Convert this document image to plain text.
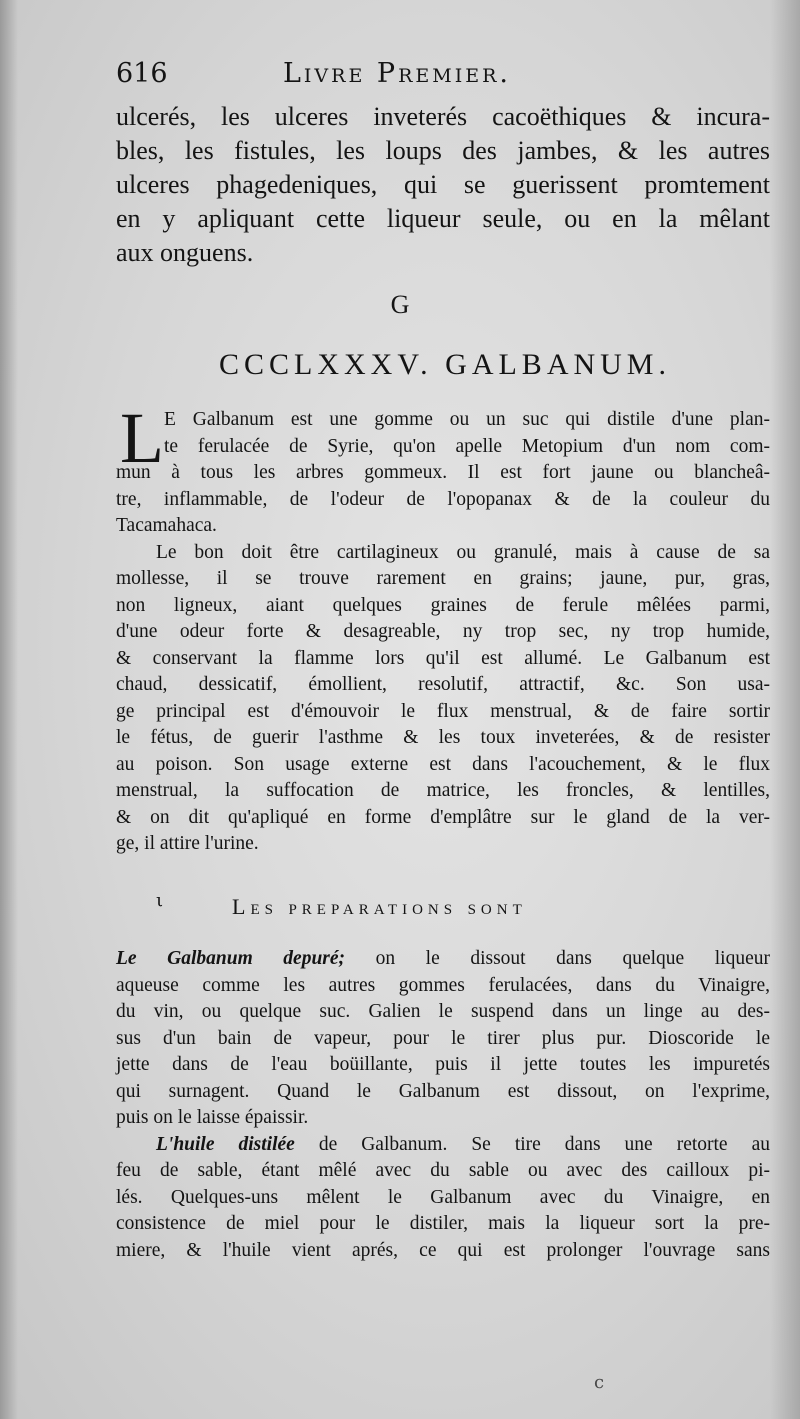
616	Livre Premier.
ulcerés, les ulceres inveterés cacoëthiques & incura-
bles, les fistules, les loups des jambes, & les autres
ulceres phagedeniques, qui se guerissent promtement
en y apliquant cette liqueur seule, ou en la mêlant
aux onguens.
G
CCCLXXXV. GALBANUM.
L E Galbanum est une gomme ou un suc qui distile d'une plan-
te ferulacée de Syrie, qu'on apelle Metopium d'un nom com-
mun à tous les arbres gommeux. Il est fort jaune ou blancheâ-
tre, inflammable, de l'odeur de l'opopanax & de la couleur du
Tacamahaca.
Le bon doit être cartilagineux ou granulé, mais à cause de sa
mollesse, il se trouve rarement en grains; jaune, pur, gras,
non ligneux, aiant quelques graines de ferule mêlées parmi,
d'une odeur forte & desagreable, ny trop sec, ny trop humide,
& conservant la flamme lors qu'il est allumé. Le Galbanum est
chaud, dessicatif, émollient, resolutif, attractif, &c. Son usa-
ge principal est d'émouvoir le flux menstrual, & de faire sortir
le fétus, de guerir l'asthme & les toux inveterées, & de resister
au poison. Son usage externe est dans l'acouchement, & le flux
menstrual, la suffocation de matrice, les froncles, & lentilles,
& on dit qu'apliqué en forme d'emplâtre sur le gland de la ver-
ge, il attire l'urine.
ι	Les preparations sont
Le Galbanum depuré; on le dissout dans quelque liqueur
aqueuse comme les autres gommes ferulacées, dans du Vinaigre,
du vin, ou quelque suc. Galien le suspend dans un linge au des-
sus d'un bain de vapeur, pour le tirer plus pur. Dioscoride le
jette dans de l'eau boüillante, puis il jette toutes les impuretés
qui surnagent. Quand le Galbanum est dissout, on l'exprime,
puis on le laisse épaissir.
L'huile distilée de Galbanum. Se tire dans une retorte au
feu de sable, étant mêlé avec du sable ou avec des cailloux pi-
lés. Quelques-uns mêlent le Galbanum avec du Vinaigre, en
consistence de miel pour le distiler, mais la liqueur sort la pre-
miere, & l'huile vient aprés, ce qui est prolonger l'ouvrage sans
c
